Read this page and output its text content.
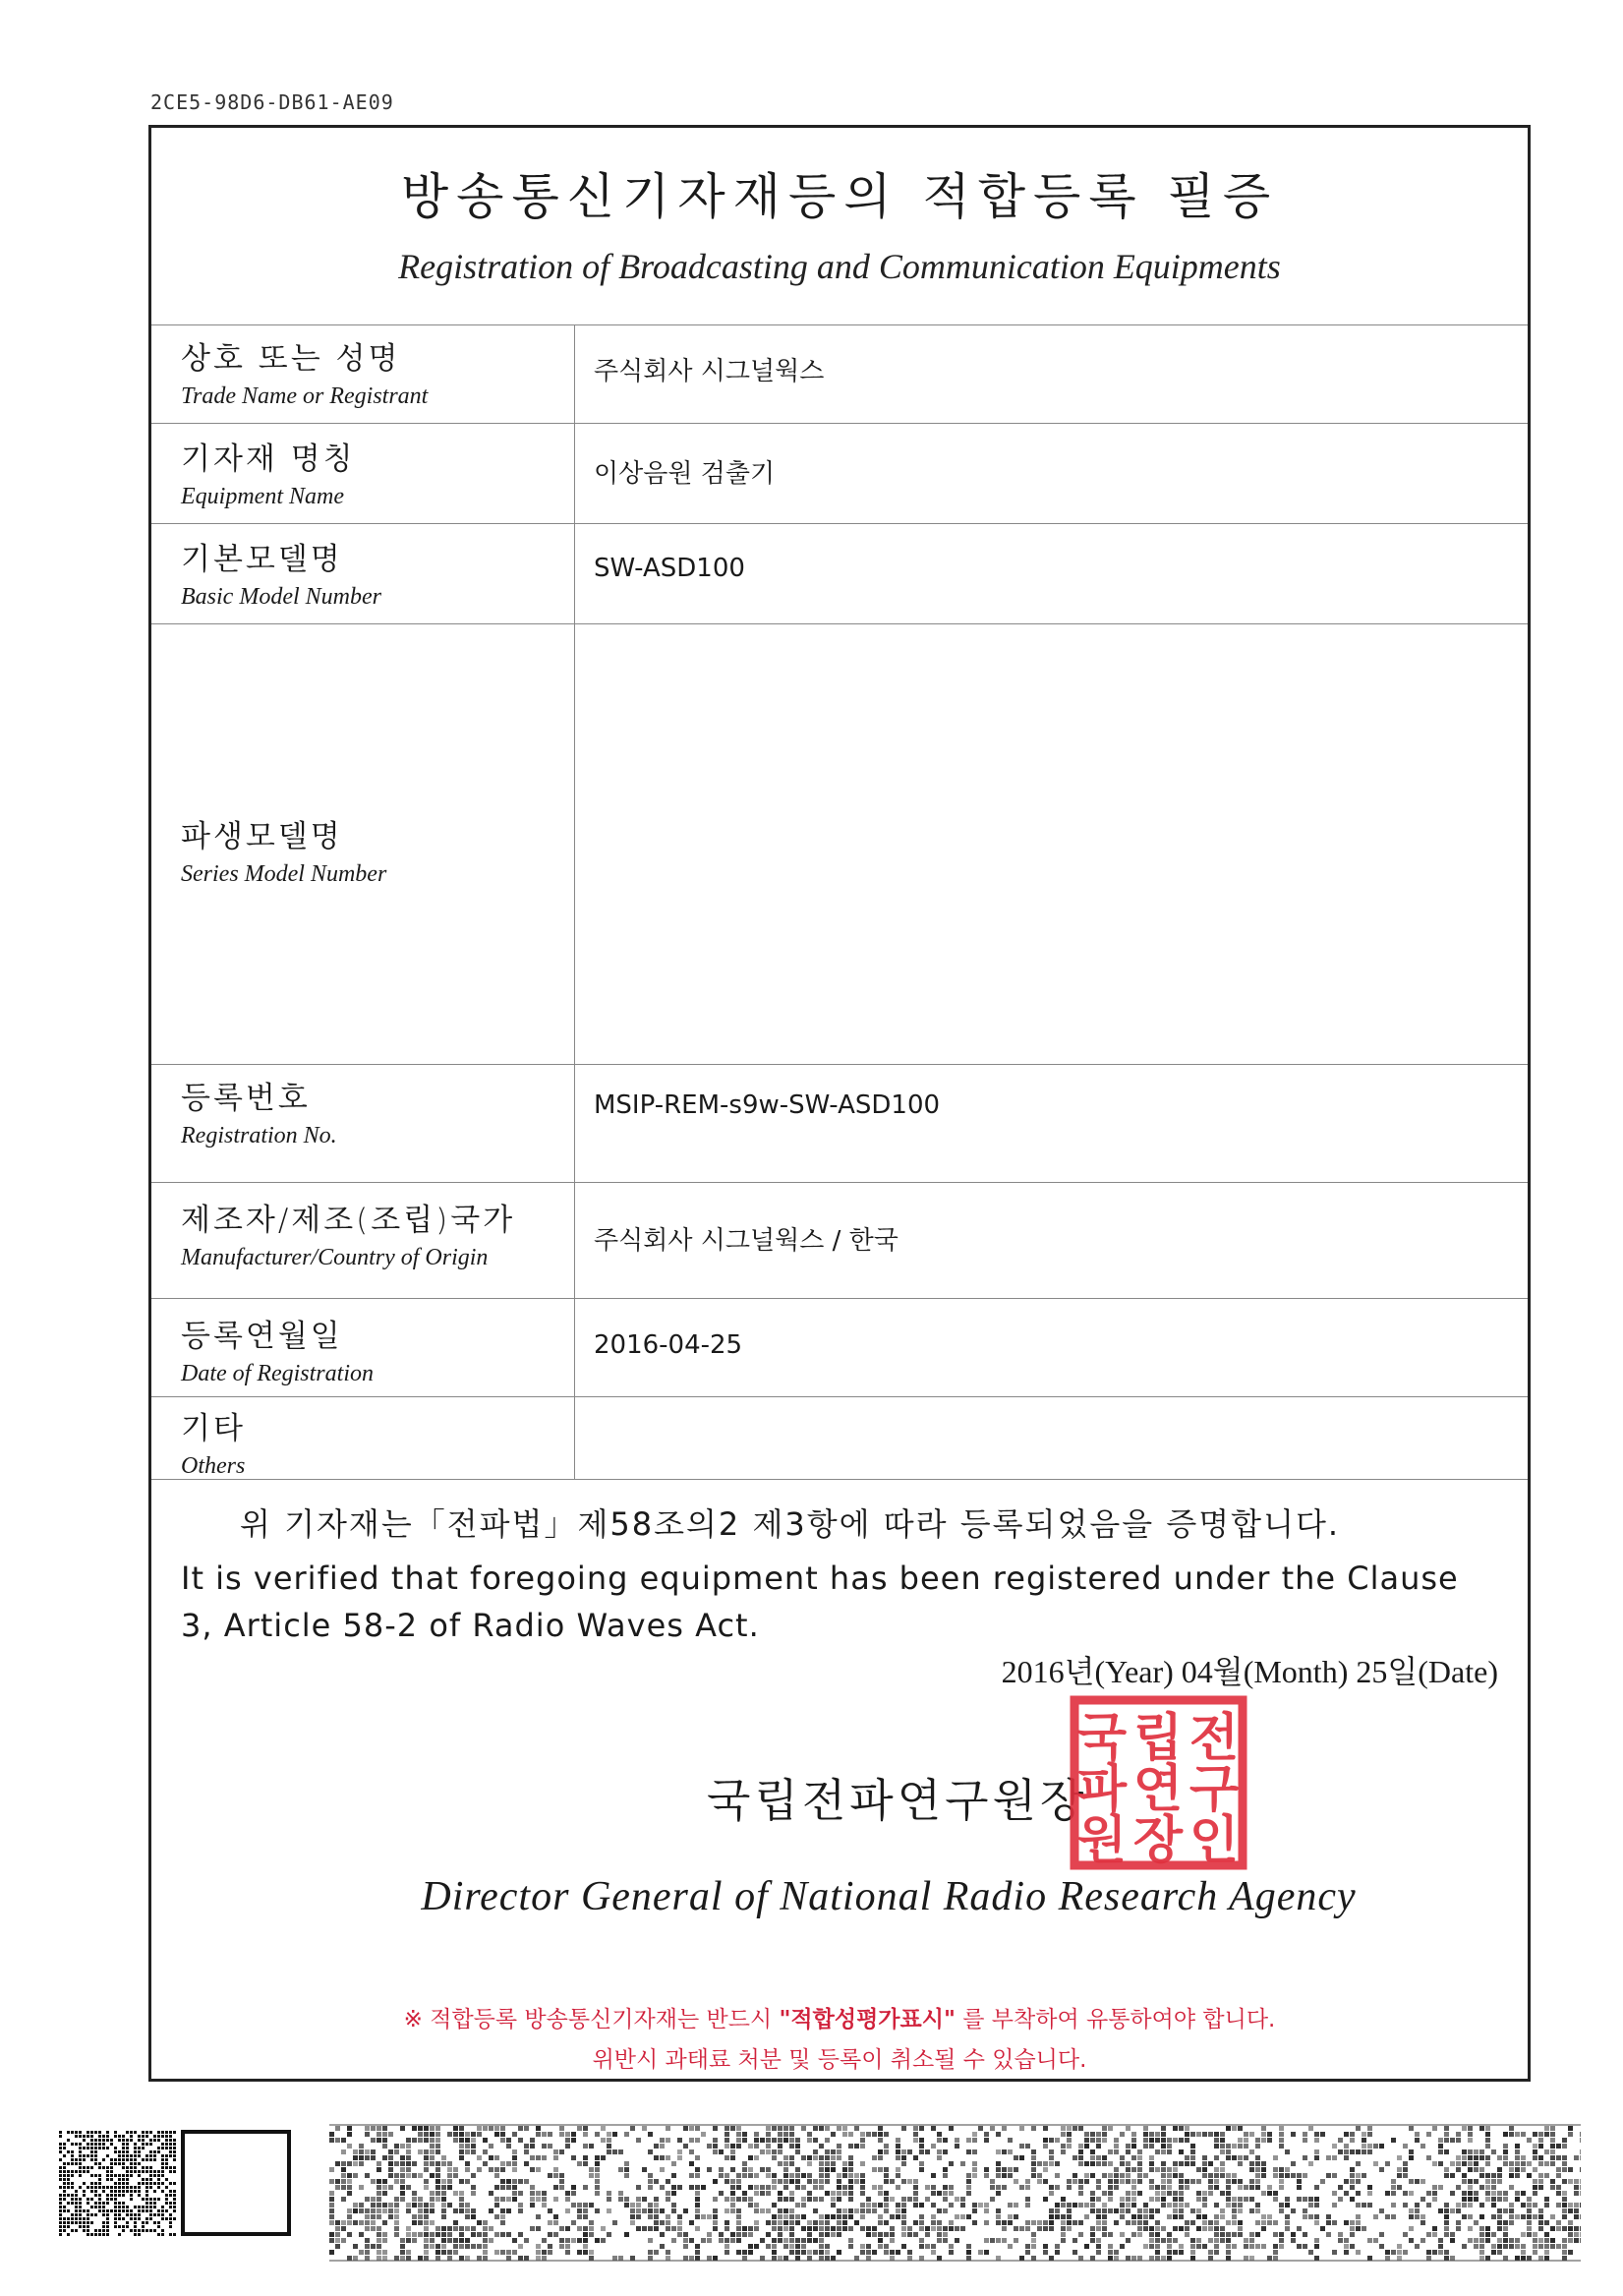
2CE5-98D6-DB61-AE09
방송통신기자재등의 적합등록 필증
Registration of Broadcasting and Communication Equipments
상호 또는 성명
Trade Name or Registrant
주식회사 시그널웍스
기자재 명칭
Equipment Name
이상음원 검출기
기본모델명
Basic Model Number
SW-ASD100
파생모델명
Series Model Number
등록번호
Registration No.
MSIP-REM-s9w-SW-ASD100
제조자/제조(조립)국가
Manufacturer/Country of Origin
주식회사 시그널웍스 / 한국
등록연월일
Date of Registration
2016-04-25
기타
Others
위 기자재는「전파법」제58조의2 제3항에 따라 등록되었음을 증명합니다.
It is verified that foregoing equipment has been registered under the Clause 3, Article 58-2 of Radio Waves Act.
2016년(Year) 04월(Month) 25일(Date)
국립전파연구원장
국 립 전
파 연 구
원 장 인
Director General of National Radio Research Agency
※ 적합등록 방송통신기자재는 반드시 "적합성평가표시" 를 부착하여 유통하여야 합니다.
위반시 과태료 처분 및 등록이 취소될 수 있습니다.
